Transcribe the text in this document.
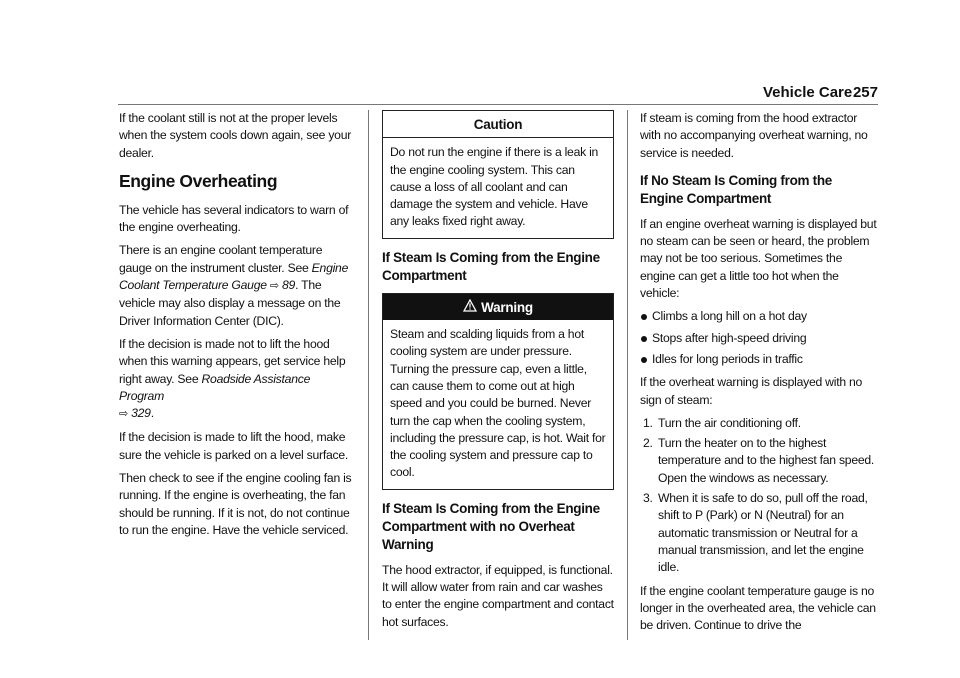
Vehicle Care 257

If the coolant still is not at the proper levels when the system cools down again, see your dealer.

Engine Overheating

The vehicle has several indicators to warn of the engine overheating.

There is an engine coolant temperature gauge on the instrument cluster. See Engine Coolant Temperature Gauge ⇨ 89. The vehicle may also display a message on the Driver Information Center (DIC).

If the decision is made not to lift the hood when this warning appears, get service help right away. See Roadside Assistance Program
⇨ 329.

If the decision is made to lift the hood, make sure the vehicle is parked on a level surface.

Then check to see if the engine cooling fan is running. If the engine is overheating, the fan should be running. If it is not, do not continue to run the engine. Have the vehicle serviced.

Caution
Do not run the engine if there is a leak in the engine cooling system. This can cause a loss of all coolant and can damage the system and vehicle. Have any leaks fixed right away.
If Steam Is Coming from the Engine Compartment
Warning
Steam and scalding liquids from a hot cooling system are under pressure. Turning the pressure cap, even a little, can cause them to come out at high speed and you could be burned. Never turn the cap when the cooling system, including the pressure cap, is hot. Wait for the cooling system and pressure cap to cool.
If Steam Is Coming from the Engine Compartment with no Overheat Warning

The hood extractor, if equipped, is functional. It will allow water from rain and car washes to enter the engine compartment and contact hot surfaces.

If steam is coming from the hood extractor with no accompanying overheat warning, no service is needed.

If No Steam Is Coming from the Engine Compartment

If an engine overheat warning is displayed but no steam can be seen or heard, the problem may not be too serious. Sometimes the engine can get a little too hot when the vehicle:

Climbs a long hill on a hot day
Stops after high-speed driving
Idles for long periods in traffic

If the overheat warning is displayed with no sign of steam:

1. Turn the air conditioning off.
2. Turn the heater on to the highest temperature and to the highest fan speed. Open the windows as necessary.
3. When it is safe to do so, pull off the road, shift to P (Park) or N (Neutral) for an automatic transmission or Neutral for a manual transmission, and let the engine idle.

If the engine coolant temperature gauge is no longer in the overheated area, the vehicle can be driven. Continue to drive the
